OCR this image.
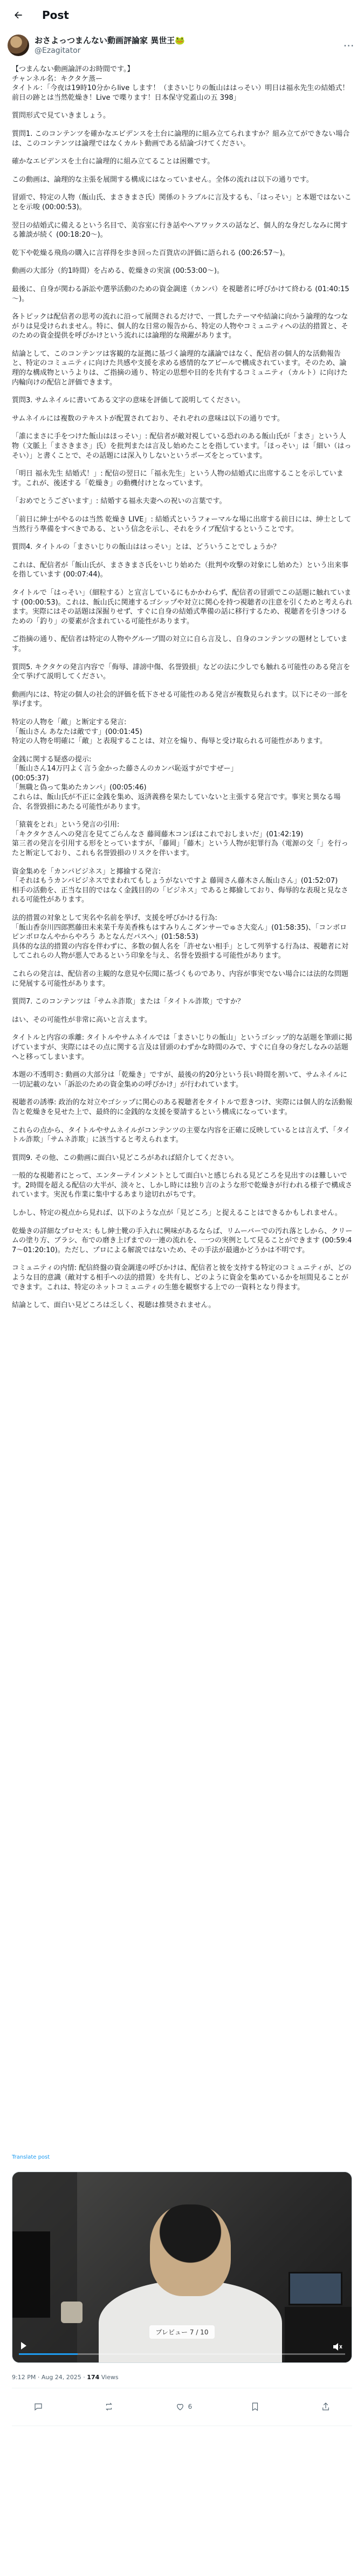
Post
おさよっつまんない動画評論家 異世王🐸
@Ezagitator	⋯

【つまんない動画論評のお時間です。】
チャンネル名：キクタケ蒸ー
タイトル：「今夜は19時10分からlive します！（まさいじりの飯山ははっそい）明日は福永先生の結婚式！前日の跡とは当然乾燥き！Live で喋ります！日本保守党蓋山の五 398」

質問形式で見ていきましょう。

質問1. このコンテンツを確かなエビデンスを土台に論理的に組み立てられますか？組み立てができない場合は、このコンテンツは論理ではなくカルト動画である結論づけてください。

確かなエビデンスを土台に論理的に組み立てることは困難です。

この動画は、論理的な主張を展開する構成にはなっていません。全体の流れは以下の通りです。

冒頭で、特定の人物（飯山氏、まさきまさ氏）関係のトラブルに言及するも、「はっそい」と本題ではないことを示唆 (00:00:53)。

翌日の結婚式に備えるという名目で、美容室に行き話やヘアワックスの話など、個人的な身だしなみに関する雑談が続く (00:18:20～)。

乾下や乾燥る飛鳥の購入に言祥得を歩き回った百貨店の評価に語られる (00:26:57～)。

動画の大部分（約1時間）を占める、乾燥きの実演 (00:53:00～)。

最後に、自身が関わる訴訟や選挙活動のための資金調達（カンパ）を視聴者に呼びかけて終わる (01:40:15～)。

各トピックは配信者の思考の流れに沿って展開されるだけで、一貫したテーマや結論に向かう論理的なつながりは見受けられません。特に、個人的な日常の報告から、特定の人物やコミュニティへの法的措置と、そのための資金提供を呼びかけという流れには論理的な飛躍があります。

結論として、このコンテンツは客観的な証拠に基づく論理的な議論ではなく、配信者の個人的な活動報告と、特定のコミュニティに向けた共感や支援を求める感情的なアピールで構成されています。そのため、論理的な構成物というよりは、ご指摘の通り、特定の思想や目的を共有するコミュニティ（カルト）に向けた内輪向けの配信と評価できます。

質問3. サムネイルに書いてある文字の意味を評価して説明してください。

サムネイルには複数のテキストが配置されており、それぞれの意味は以下の通りです。

「誰にまさに手をつけた飯山はほっそい」: 配信者が敵対視している恐れのある飯山氏が「まさ」という人物（文脈上「まさきまさ」氏）を批判または言及し始めたことを指しています。「ほっそい」は「細い（はっそい）」と書くことで、その話題には深入りしないというポーズをとっています。

「明日 福永先生 結婚式！」: 配信の翌日に「福永先生」という人物の結婚式に出席することを示しています。これが、後述する「乾燥き」の動機付けとなっています。

「おめでとうございます」: 結婚する福永夫妻への祝いの言葉です。

「前日に紳士がやるのは当然 乾燥き LIVE」: 結婚式というフォーマルな場に出席する前日には、紳士として当然行う準備をすべきである、という信念を示し、それをライブ配信するということです。

質問4. タイトルの「まさいじりの飯山ははっそい」とは、どういうことでしょうか？

これは、配信者が「飯山氏が、まさきまさ氏をいじり始めた（批判や攻撃の対象にし始めた）という出来事を指しています (00:07:44)。

タイトルで「はっそい」（細粒する）と宣言しているにもかかわらず、配信者の冒頭でこの話題に触れています (00:00:53)。これは、飯山氏に関連するゴシップや対立に関心を持つ視聴者の注意を引くためと考えられます。実際にはその話題は深掘りせず、すぐに自身の結婚式準備の話に移行するため、視聴者を引きつけるための「釣り」の要素が含まれている可能性があります。

ご指摘の通り、配信者は特定の人物やグループ間の対立に自ら言及し、自身のコンテンツの題材としています。

質問5. キクタケの発言内容で「侮辱、誹謗中傷、名誉毀損」などの法に少しでも触れる可能性のある発言を全て挙げて説明してください。

動画内には、特定の個人の社会的評価を低下させる可能性のある発言が複数見られます。以下にその一部を挙げます。

特定の人物を「敵」と断定する発言:
「飯山さん あなたは敵です」(00:01:45)
特定の人物を明確に「敵」と表現することは、対立を煽り、侮辱と受け取られる可能性があります。

金銭に関する疑惑の提示:
「飯山さん14万円よく言う金かった藤さんのカンパ恥返すがですぜー」
(00:05:37)
「無職と偽って集めたカンパ」(00:05:46)
これらは、飯山氏が不正に金銭を集め、返済義務を果たしていないと主張する発言です。事実と異なる場合、名誉毀損にあたる可能性があります。

「猿蓑をとれ」という発言の引用:
「キクタケさんへの発言を見てごらんなさ 藤岡藤木コンぽはこれでおしまいだ」(01:42:19)
第三者の発言を引用する形をとっていますが、「藤岡」「藤木」という人物が犯罪行為（電源の交「」を行ったと断定しており、これも名誉毀損のリスクを伴います。

資金集めを「カンパビジネス」と揶揄する発言:
「それはもうカンパビジネスでまわれてもしょうがないですよ 藤岡さん藤木さん飯山さん」(01:52:07)
相手の活動を、正当な目的ではなく金銭目的の「ビジネス」であると揶揄しており、侮辱的な表現と見なされる可能性があります。

法的措置の対象として実名や名前を挙げ、支援を呼びかける行為:
「飯山香奈川四郎黙藤田未来菜千寿美香株もはすみりんこダンサーでゅさ大変ん」(01:58:35)、「コンボロピンボロなんやからやろう あとなんだパスへ」(01:58:53)
具体的な法的措置の内容を伴わずに、多数の個人名を「許せない相手」として列挙する行為は、視聴者に対してこれらの人物が悪人であるという印象を与え、名誉を毀損する可能性があります。

これらの発言は、配信者の主観的な意見や伝聞に基づくものであり、内容が事実でない場合には法的な問題に発展する可能性があります。

質問7. このコンテンツは「サムネ詐欺」または「タイトル詐欺」ですか？

はい、その可能性が非常に高いと言えます。

タイトルと内容の乖離: タイトルやサムネイルでは「まさいじりの飯山」というゴシップ的な話題を筆頭に掲げていますが、実際にはその点に関する言及は冒頭のわずかな時間のみで、すぐに自身の身だしなみの話題へと移ってしまいます。

本題の不透明さ: 動画の大部分は「乾燥き」ですが、最後の約20分という長い時間を割いて、サムネイルに一切記載のない「訴訟のための資金集めの呼びかけ」が行われています。

視聴者の誘導: 政治的な対立やゴシップに関心のある視聴者をタイトルで惹きつけ、実際には個人的な活動報告と乾燥きを見せた上で、最終的に金銭的な支援を要請するという構成になっています。

これらの点から、タイトルやサムネイルがコンテンツの主要な内容を正確に反映しているとは言えず、「タイトル詐欺」「サムネ詐欺」に該当すると考えられます。

質問9. その他、この動画に面白い見どころがあれば紹介してください。

一般的な視聴者にとって、エンターテインメントとして面白いと感じられる見どころを見出すのは難しいです。2時間を超える配信の大半が、淡々と、しかし時には独り言のような形で乾燥きが行われる様子で構成されています。実況も作業に集中するあまり途切れがちです。

しかし、特定の視点から見れば、以下のような点が「見どころ」と捉えることはできるかもしれません。

乾燥きの詳細なプロセス: もし紳士靴の手入れに興味があるならば、リムーバーでの汚れ落としから、クリームの塗り方、ブラシ、布での磨き上げまでの一連の流れを、一つの実例として見ることができます (00:59:47～01:20:10)。ただし、プロによる解説ではないため、その手法が最適かどうかは不明です。

コミュニティの内情: 配信終盤の資金調達の呼びかけは、配信者と彼を支持する特定のコミュニティが、どのような目的意識（敵対する相手への法的措置）を共有し、どのように資金を集めているかを垣間見ることができます。これは、特定のネットコミュニティの生態を観察する上での一資料となり得ます。

結論として、面白い見どころは乏しく、視聴は推奨されません。

Translate post
プレビュー 7 / 10
9:12 PM · Aug 24, 2025 · 174 Views
6
